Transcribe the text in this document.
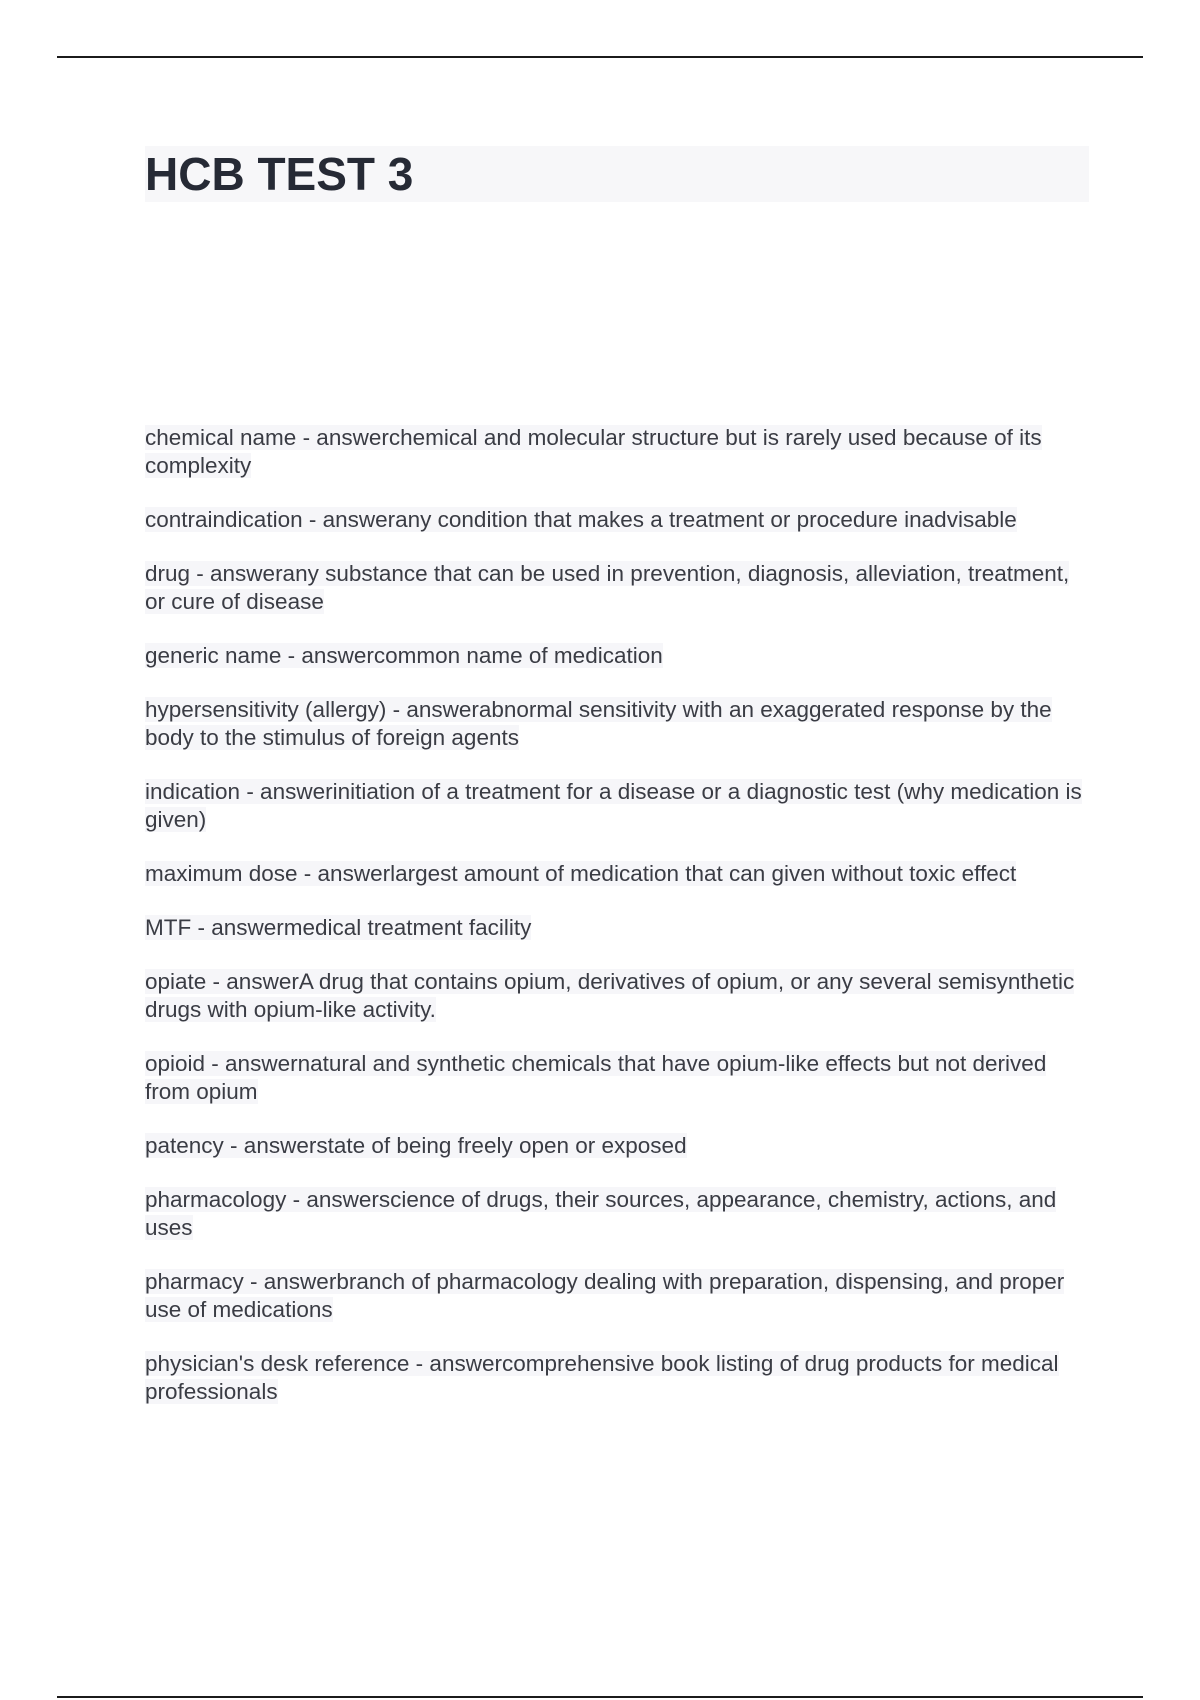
HCB TEST 3

chemical name - answerchemical and molecular structure but is rarely used because of its complexity

contraindication - answerany condition that makes a treatment or procedure inadvisable

drug - answerany substance that can be used in prevention, diagnosis, alleviation, treatment, or cure of disease

generic name - answercommon name of medication

hypersensitivity (allergy) - answerabnormal sensitivity with an exaggerated response by the body to the stimulus of foreign agents

indication - answerinitiation of a treatment for a disease or a diagnostic test (why medication is given)

maximum dose - answerlargest amount of medication that can given without toxic effect

MTF - answermedical treatment facility

opiate - answerA drug that contains opium, derivatives of opium, or any several semisynthetic drugs with opium-like activity.

opioid - answernatural and synthetic chemicals that have opium-like effects but not derived from opium

patency - answerstate of being freely open or exposed

pharmacology - answerscience of drugs, their sources, appearance, chemistry, actions, and uses

pharmacy - answerbranch of pharmacology dealing with preparation, dispensing, and proper use of medications

physician's desk reference - answercomprehensive book listing of drug products for medical professionals
